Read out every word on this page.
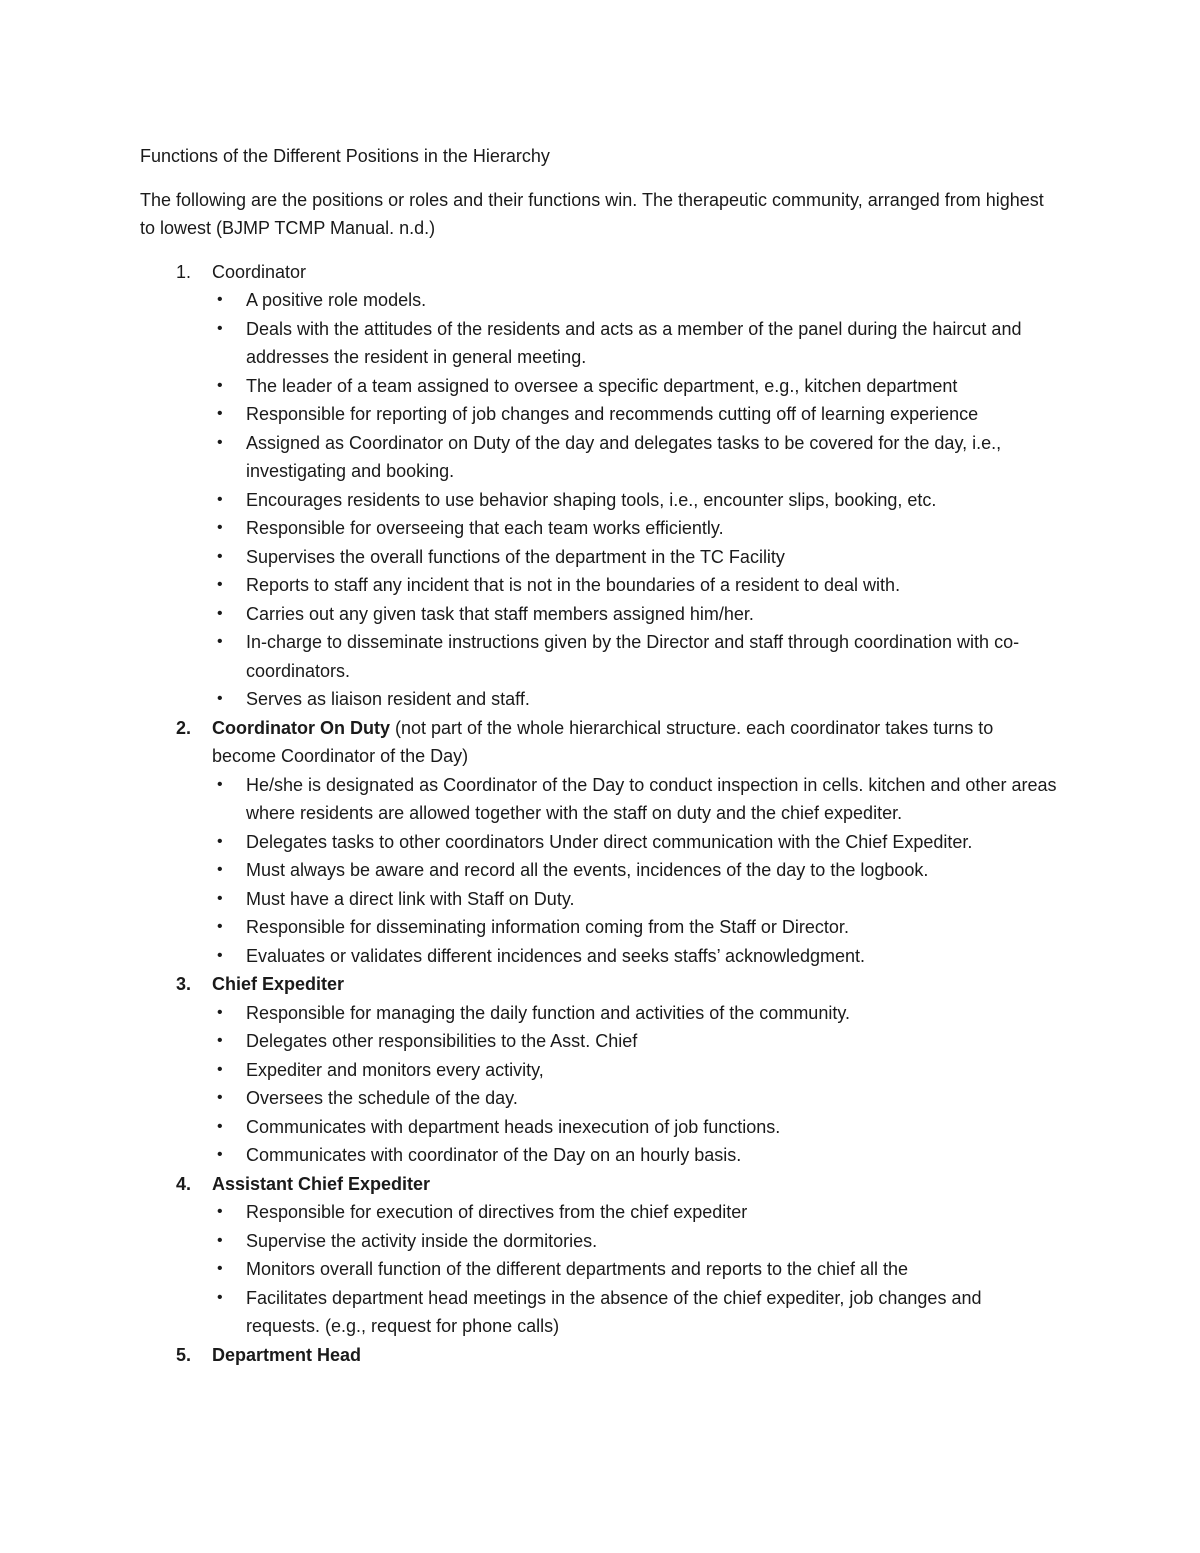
Functions of the Different Positions in the Hierarchy
The following are the positions or roles and their functions win. The therapeutic community, arranged from highest to lowest (BJMP TCMP Manual. n.d.)
1. Coordinator
• A positive role models.
• Deals with the attitudes of the residents and acts as a member of the panel during the haircut and addresses the resident in general meeting.
• The leader of a team assigned to oversee a specific department, e.g., kitchen department
• Responsible for reporting of job changes and recommends cutting off of learning experience
• Assigned as Coordinator on Duty of the day and delegates tasks to be covered for the day, i.e., investigating and booking.
• Encourages residents to use behavior shaping tools, i.e., encounter slips, booking, etc.
• Responsible for overseeing that each team works efficiently.
• Supervises the overall functions of the department in the TC Facility
• Reports to staff any incident that is not in the boundaries of a resident to deal with.
• Carries out any given task that staff members assigned him/her.
• In-charge to disseminate instructions given by the Director and staff through coordination with co- coordinators.
• Serves as liaison resident and staff.
2. Coordinator On Duty (not part of the whole hierarchical structure. each coordinator takes turns to become Coordinator of the Day)
• He/she is designated as Coordinator of the Day to conduct inspection in cells. kitchen and other areas where residents are allowed together with the staff on duty and the chief expediter.
• Delegates tasks to other coordinators Under direct communication with the Chief Expediter.
• Must always be aware and record all the events, incidences of the day to the logbook.
• Must have a direct link with Staff on Duty.
• Responsible for disseminating information coming from the Staff or Director.
• Evaluates or validates different incidences and seeks staffs’ acknowledgment.
3. Chief Expediter
• Responsible for managing the daily function and activities of the community.
• Delegates other responsibilities to the Asst. Chief
• Expediter and monitors every activity,
• Oversees the schedule of the day.
• Communicates with department heads inexecution of job functions.
• Communicates with coordinator of the Day on an hourly basis.
4. Assistant Chief Expediter
• Responsible for execution of directives from the chief expediter
• Supervise the activity inside the dormitories.
• Monitors overall function of the different departments and reports to the chief all the
• Facilitates department head meetings in the absence of the chief expediter, job changes and requests. (e.g., request for phone calls)
5. Department Head
